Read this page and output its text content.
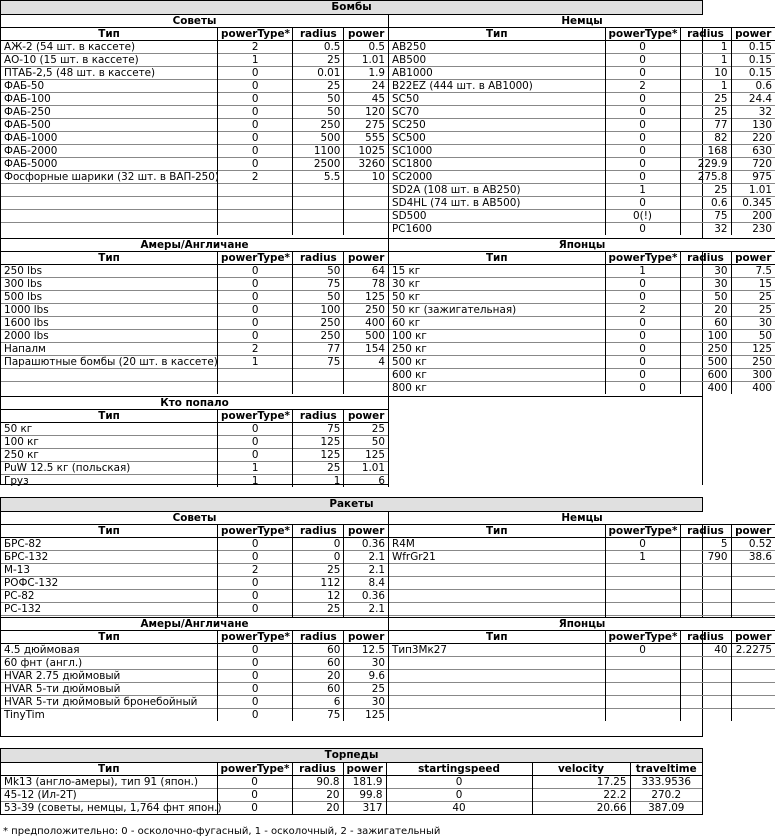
Бомбы
Советы			
Тип	powerType*	radius	power
АЖ-2 (54 шт. в кассете)	2	0.5	0.5
АО-10 (15 шт. в кассете)	1	25	1.01
ПТАБ-2,5 (48 шт. в кассете)	0	0.01	1.9
ФАБ-50	0	25	24
ФАБ-100	0	50	45
ФАБ-250	0	50	120
ФАБ-500	0	250	275
ФАБ-1000	0	500	555
ФАБ-2000	0	1100	1025
ФАБ-5000	0	2500	3260
Фосфорные шарики (32 шт. в ВАП-250)	2	5.5	10

Немцы			
Тип	powerType*	radius	power
AB250	0	1	0.15
AB500	0	1	0.15
AB1000	0	10	0.15
B22EZ (444 шт. в AB1000)	2	1	0.6
SC50	0	25	24.4
SC70	0	25	32
SC250	0	77	130
SC500	0	82	220
SC1000	0	168	630
SC1800	0	229.9	720
SC2000	0	275.8	975
SD2A (108 шт. в AB250)	1	25	1.01
SD4HL (74 шт. в AB500)	0	0.6	0.345
SD500	0(!)	75	200
PC1600	0	32	230
Амеры/Англичане			
Тип	powerType*	radius	power
250 lbs	0	50	64
300 lbs	0	75	78
500 lbs	0	50	125
1000 lbs	0	100	250
1600 lbs	0	250	400
2000 lbs	0	250	500
Напалм	2	77	154
Парашютные бомбы (20 шт. в кассете)	1	75	4

Японцы			
Тип	powerType*	radius	power
15 кг	1	30	7.5
30 кг	0	30	15
50 кг	0	50	25
50 кг (зажигательная)	2	20	25
60 кг	0	60	30
100 кг	0	100	50
250 кг	0	250	125
500 кг	0	500	250
600 кг	0	600	300
800 кг	0	400	400
Кто попало			
Тип	powerType*	radius	power
50 кг	0	75	25
100 кг	0	125	50
250 кг	0	125	125
PuW 12.5 кг (польская)	1	25	1.01
Груз	1	1	6
Ракеты
Советы			
Тип	powerType*	radius	power
БРС-82	0	0	0.36
БРС-132	0	0	2.1
М-13	2	25	2.1
РОФС-132	0	112	8.4
РС-82	0	12	0.36
РС-132	0	25	2.1

Немцы			
Тип	powerType*	radius	power
R4M	0	5	0.52
WfrGr21	1	790	38.6

Амеры/Англичане			
Тип	powerType*	radius	power
4.5 дюймовая	0	60	12.5
60 фнт (англ.)	0	60	30
HVAR 2.75 дюймовый	0	20	9.6
HVAR 5-ти дюймовый	0	60	25
HVAR 5-ти дюймовый бронебойный	0	6	30
TinyTim	0	75	125
Японцы			
Тип	powerType*	radius	power
Тип3Мк27	0	40	2.2275

Торпеды
Тип	powerType*	radius	power	startingspeed	velocity	traveltime
Mk13 (англо-амеры), тип 91 (япон.)	0	90.8	181.9	0	17.25	333.9536
45-12 (Ил-2Т)	0	20	99.8	0	22.2	270.2
53-39 (советы, немцы, 1,764 фнт япон.)	0	20	317	40	20.66	387.09
* предположительно: 0 - осколочно-фугасный, 1 - осколочный, 2 - зажигательный
